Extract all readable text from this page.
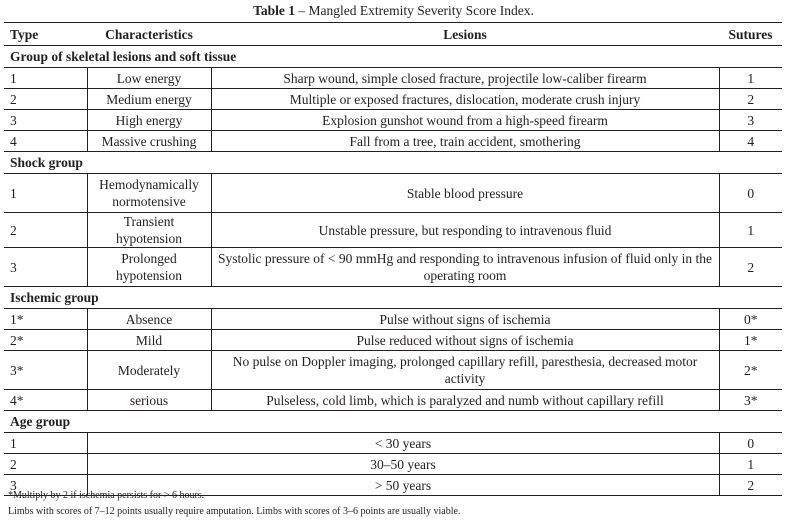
Table 1 – Mangled Extremity Severity Score Index.
Type	Characteristics	Lesions	Sutures
Group of skeletal lesions and soft tissue			
1	Low energy	Sharp wound, simple closed fracture, projectile low-caliber firearm	1
2	Medium energy	Multiple or exposed fractures, dislocation, moderate crush injury	2
3	High energy	Explosion gunshot wound from a high-speed firearm	3
4	Massive crushing	Fall from a tree, train accident, smothering	4
Shock group			
1	Hemodynamically normotensive	Stable blood pressure	0
2	Transient hypotension	Unstable pressure, but responding to intravenous fluid	1
3	Prolonged hypotension	Systolic pressure of < 90 mmHg and responding to intravenous infusion of fluid only in the operating room	2
Ischemic group			
1*	Absence	Pulse without signs of ischemia	0*
2*	Mild	Pulse reduced without signs of ischemia	1*
3*	Moderately	No pulse on Doppler imaging, prolonged capillary refill, paresthesia, decreased motor activity	2*
4*	serious	Pulseless, cold limb, which is paralyzed and numb without capillary refill	3*
Age group			
1	< 30 years		0
2	30–50 years		1
3	> 50 years		2
*Multiply by 2 if ischemia persists for > 6 hours.
Limbs with scores of 7–12 points usually require amputation. Limbs with scores of 3–6 points are usually viable.
